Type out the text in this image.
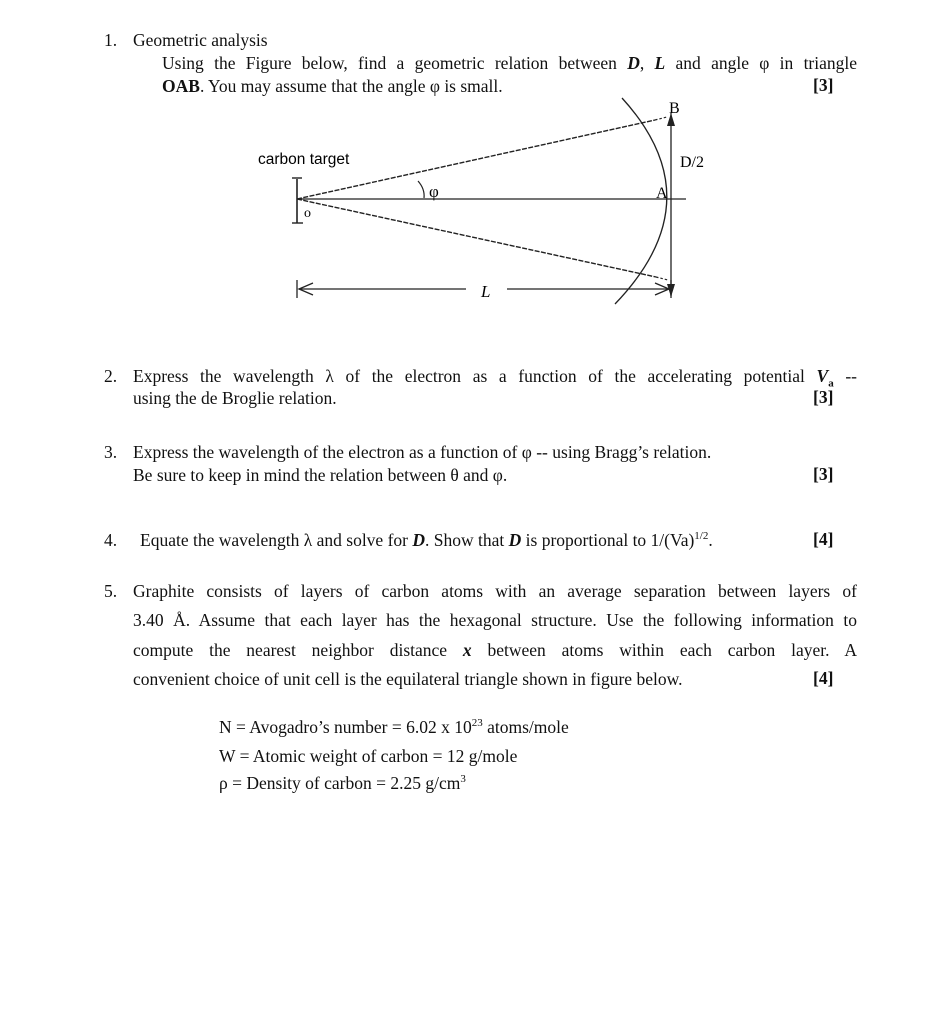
1. Geometric analysis
Using the Figure below, find a geometric relation between D, L and angle φ in triangle
OAB. You may assume that the angle φ is small.	[3]
carbon target
φ
o
B
A
D/2
L
2. Express the wavelength λ of the electron as a function of the accelerating potential $V_a$ --
using the de Broglie relation.	[3]
3. Express the wavelength of the electron as a function of φ -- using Bragg’s relation.
Be sure to keep in mind the relation between θ and φ.	[3]
4. Equate the wavelength λ and solve for D. Show that D is proportional to $1/(Va)^{1/2}$.	[4]
5. Graphite consists of layers of carbon atoms with an average separation between layers of
3.40 Å. Assume that each layer has the hexagonal structure. Use the following information to
compute the nearest neighbor distance x between atoms within each carbon layer. A
convenient choice of unit cell is the equilateral triangle shown in figure below.	[4]
N = Avogadro’s number = 6.02 x $10^{23}$ atoms/mole
W = Atomic weight of carbon = 12 g/mole
ρ = Density of carbon = 2.25 $g/cm^3$
